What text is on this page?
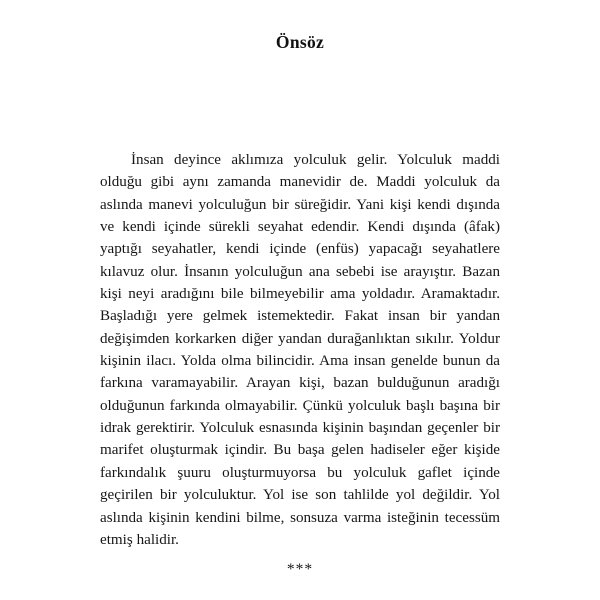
Önsöz

İnsan deyince aklımıza yolculuk gelir. Yolculuk maddi olduğu gibi aynı zamanda manevidir de. Maddi yolculuk da aslında manevi yolculuğun bir süreğidir. Yani kişi kendi dışında ve kendi içinde sürekli seyahat edendir. Kendi dışında (âfak) yaptığı seyahatler, kendi içinde (enfüs) yapacağı seyahatlere kılavuz olur. İnsanın yolculuğun ana sebebi ise arayıştır. Bazan kişi neyi aradığını bile bilmeyebilir ama yoldadır. Aramaktadır. Başladığı yere gelmek istemektedir. Fakat insan bir yandan değişimden korkarken diğer yandan durağanlıktan sıkılır. Yoldur kişinin ilacı. Yolda olma bilincidir. Ama insan genelde bunun da farkına varamayabilir. Arayan kişi, bazan bulduğunun aradığı olduğunun farkında olmayabilir. Çünkü yolculuk başlı başına bir idrak gerektirir. Yolculuk esnasında kişinin başından geçenler bir marifet oluşturmak içindir. Bu başa gelen hadiseler eğer kişide farkındalık şuuru oluşturmuyorsa bu yolculuk gaflet içinde geçirilen bir yolculuktur. Yol ise son tahlilde yol değildir. Yol aslında kişinin kendini bilme, sonsuza varma isteğinin tecessüm etmiş halidir.

***
